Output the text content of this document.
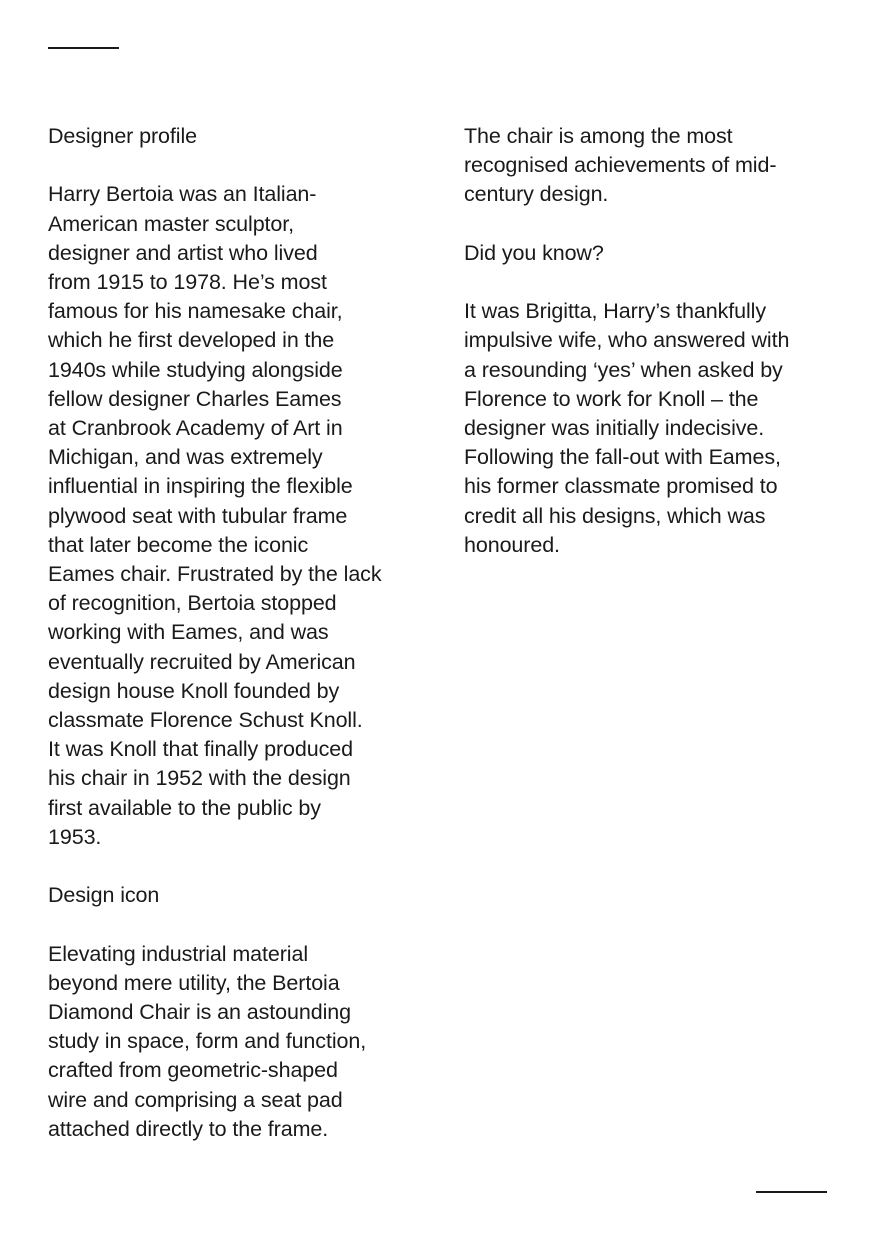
Designer profile

Harry Bertoia was an Italian-
American master sculptor,
designer and artist who lived
from 1915 to 1978. He’s most
famous for his namesake chair,
which he first developed in the
1940s while studying alongside
fellow designer Charles Eames
at Cranbrook Academy of Art in
Michigan, and was extremely
influential in inspiring the flexible
plywood seat with tubular frame
that later become the iconic
Eames chair. Frustrated by the lack
of recognition, Bertoia stopped
working with Eames, and was
eventually recruited by American
design house Knoll founded by
classmate Florence Schust Knoll.
It was Knoll that finally produced
his chair in 1952 with the design
first available to the public by
1953.

Design icon

Elevating industrial material
beyond mere utility, the Bertoia
Diamond Chair is an astounding
study in space, form and function,
crafted from geometric-shaped
wire and comprising a seat pad
attached directly to the frame.

The chair is among the most
recognised achievements of mid-
century design.

Did you know?

It was Brigitta, Harry’s thankfully
impulsive wife, who answered with
a resounding ‘yes’ when asked by
Florence to work for Knoll – the
designer was initially indecisive.
Following the fall-out with Eames,
his former classmate promised to
credit all his designs, which was
honoured.
